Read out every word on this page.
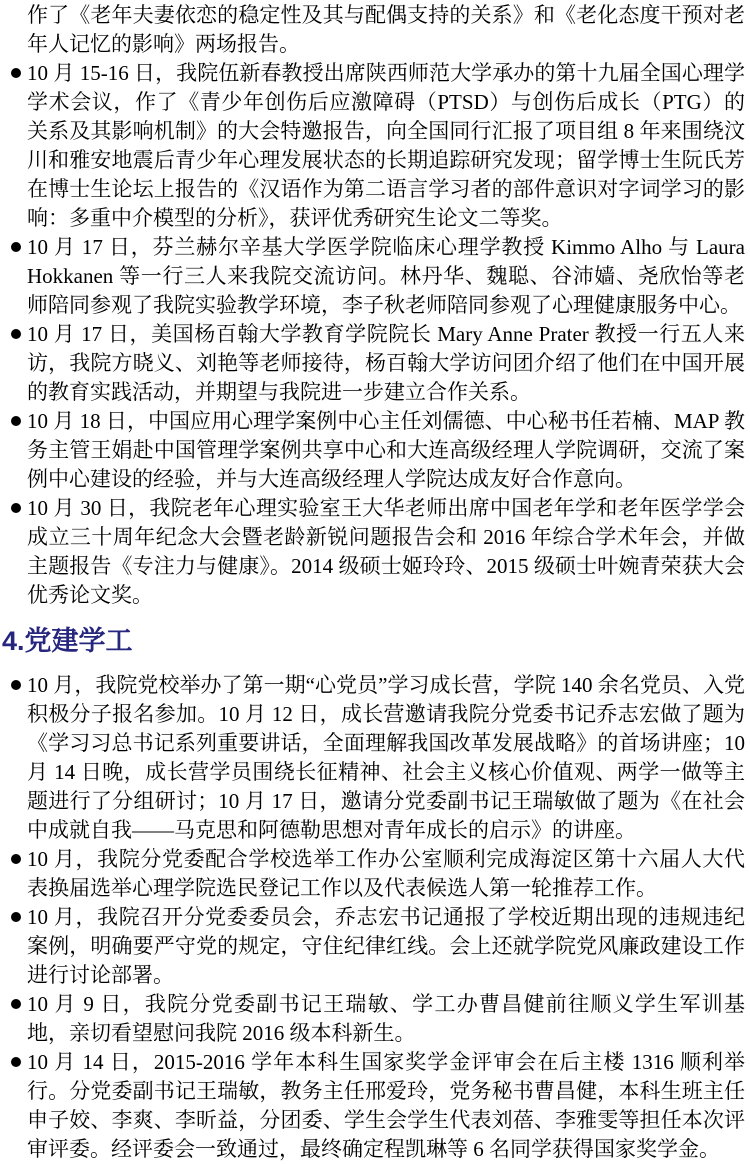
作了《老年夫妻依恋的稳定性及其与配偶支持的关系》和《老化态度干预对老年人记忆的影响》两场报告。

10 月 15-16 日，我院伍新春教授出席陕西师范大学承办的第十九届全国心理学学术会议，作了《青少年创伤后应激障碍（PTSD）与创伤后成长（PTG）的关系及其影响机制》的大会特邀报告，向全国同行汇报了项目组 8 年来围绕汶川和雅安地震后青少年心理发展状态的长期追踪研究发现；留学博士生阮氏芳在博士生论坛上报告的《汉语作为第二语言学习者的部件意识对字词学习的影响：多重中介模型的分析》，获评优秀研究生论文二等奖。
10 月 17 日，芬兰赫尔辛基大学医学院临床心理学教授 Kimmo Alho 与 Laura Hokkanen 等一行三人来我院交流访问。林丹华、魏聪、谷沛嫱、尧欣怡等老师陪同参观了我院实验教学环境，李子秋老师陪同参观了心理健康服务中心。
10 月 17 日，美国杨百翰大学教育学院院长 Mary Anne Prater 教授一行五人来访，我院方晓义、刘艳等老师接待，杨百翰大学访问团介绍了他们在中国开展的教育实践活动，并期望与我院进一步建立合作关系。
10 月 18 日，中国应用心理学案例中心主任刘儒德、中心秘书任若楠、MAP 教务主管王娟赴中国管理学案例共享中心和大连高级经理人学院调研，交流了案例中心建设的经验，并与大连高级经理人学院达成友好合作意向。
10 月 30 日，我院老年心理实验室王大华老师出席中国老年学和老年医学学会成立三十周年纪念大会暨老龄新锐问题报告会和 2016 年综合学术年会，并做主题报告《专注力与健康》。2014 级硕士姬玲玲、2015 级硕士叶婉青荣获大会优秀论文奖。
4.党建学工
10 月，我院党校举办了第一期“心党员”学习成长营，学院 140 余名党员、入党积极分子报名参加。10 月 12 日，成长营邀请我院分党委书记乔志宏做了题为《学习习总书记系列重要讲话，全面理解我国改革发展战略》的首场讲座；10 月 14 日晚，成长营学员围绕长征精神、社会主义核心价值观、两学一做等主题进行了分组研讨；10 月 17 日，邀请分党委副书记王瑞敏做了题为《在社会中成就自我——马克思和阿德勒思想对青年成长的启示》的讲座。
10 月，我院分党委配合学校选举工作办公室顺利完成海淀区第十六届人大代表换届选举心理学院选民登记工作以及代表候选人第一轮推荐工作。
10 月，我院召开分党委委员会，乔志宏书记通报了学校近期出现的违规违纪案例，明确要严守党的规定，守住纪律红线。会上还就学院党风廉政建设工作进行讨论部署。
10 月 9 日，我院分党委副书记王瑞敏、学工办曹昌健前往顺义学生军训基地，亲切看望慰问我院 2016 级本科新生。
10 月 14 日，2015-2016 学年本科生国家奖学金评审会在后主楼 1316 顺利举行。分党委副书记王瑞敏，教务主任邢爱玲，党务秘书曹昌健，本科生班主任申子姣、李爽、李昕益，分团委、学生会学生代表刘蓓、李雅雯等担任本次评审评委。经评委会一致通过，最终确定程凯琳等 6 名同学获得国家奖学金。
